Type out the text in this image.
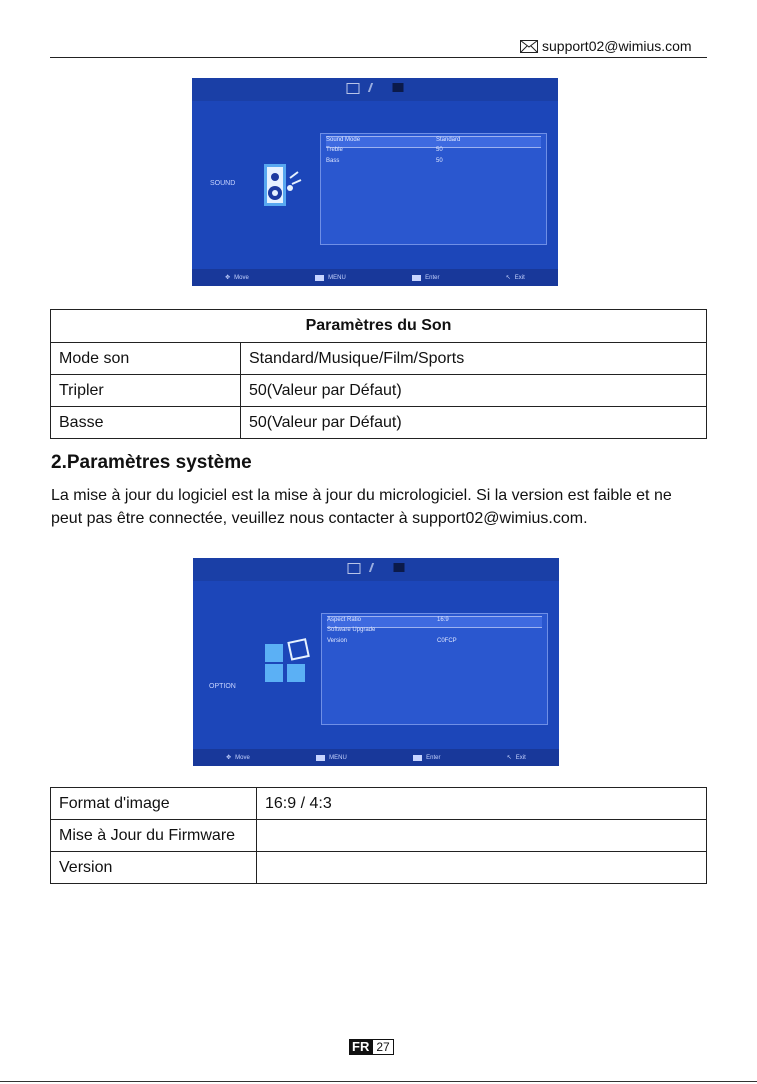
support02@wimius.com
SOUND
Sound Mode	Standard
Treble	50
Bass	50
✥ Move	MENU	Enter	↖ Exit
Paramètres du Son	
Mode son	Standard/Musique/Film/Sports
Tripler	50(Valeur par Défaut)
Basse	50(Valeur par Défaut)
2.Paramètres système
La mise à jour du logiciel est la mise à jour du micrologiciel. Si la version est faible et ne
peut pas être connectée, veuillez nous contacter à support02@wimius.com.
OPTION
Aspect Ratio	16:9
Software Upgrade
Version	C0FCP
✥ Move	MENU	Enter	↖ Exit
Format d'image	16:9 / 4:3
Mise à Jour du Firmware	
Version	
FR 27
